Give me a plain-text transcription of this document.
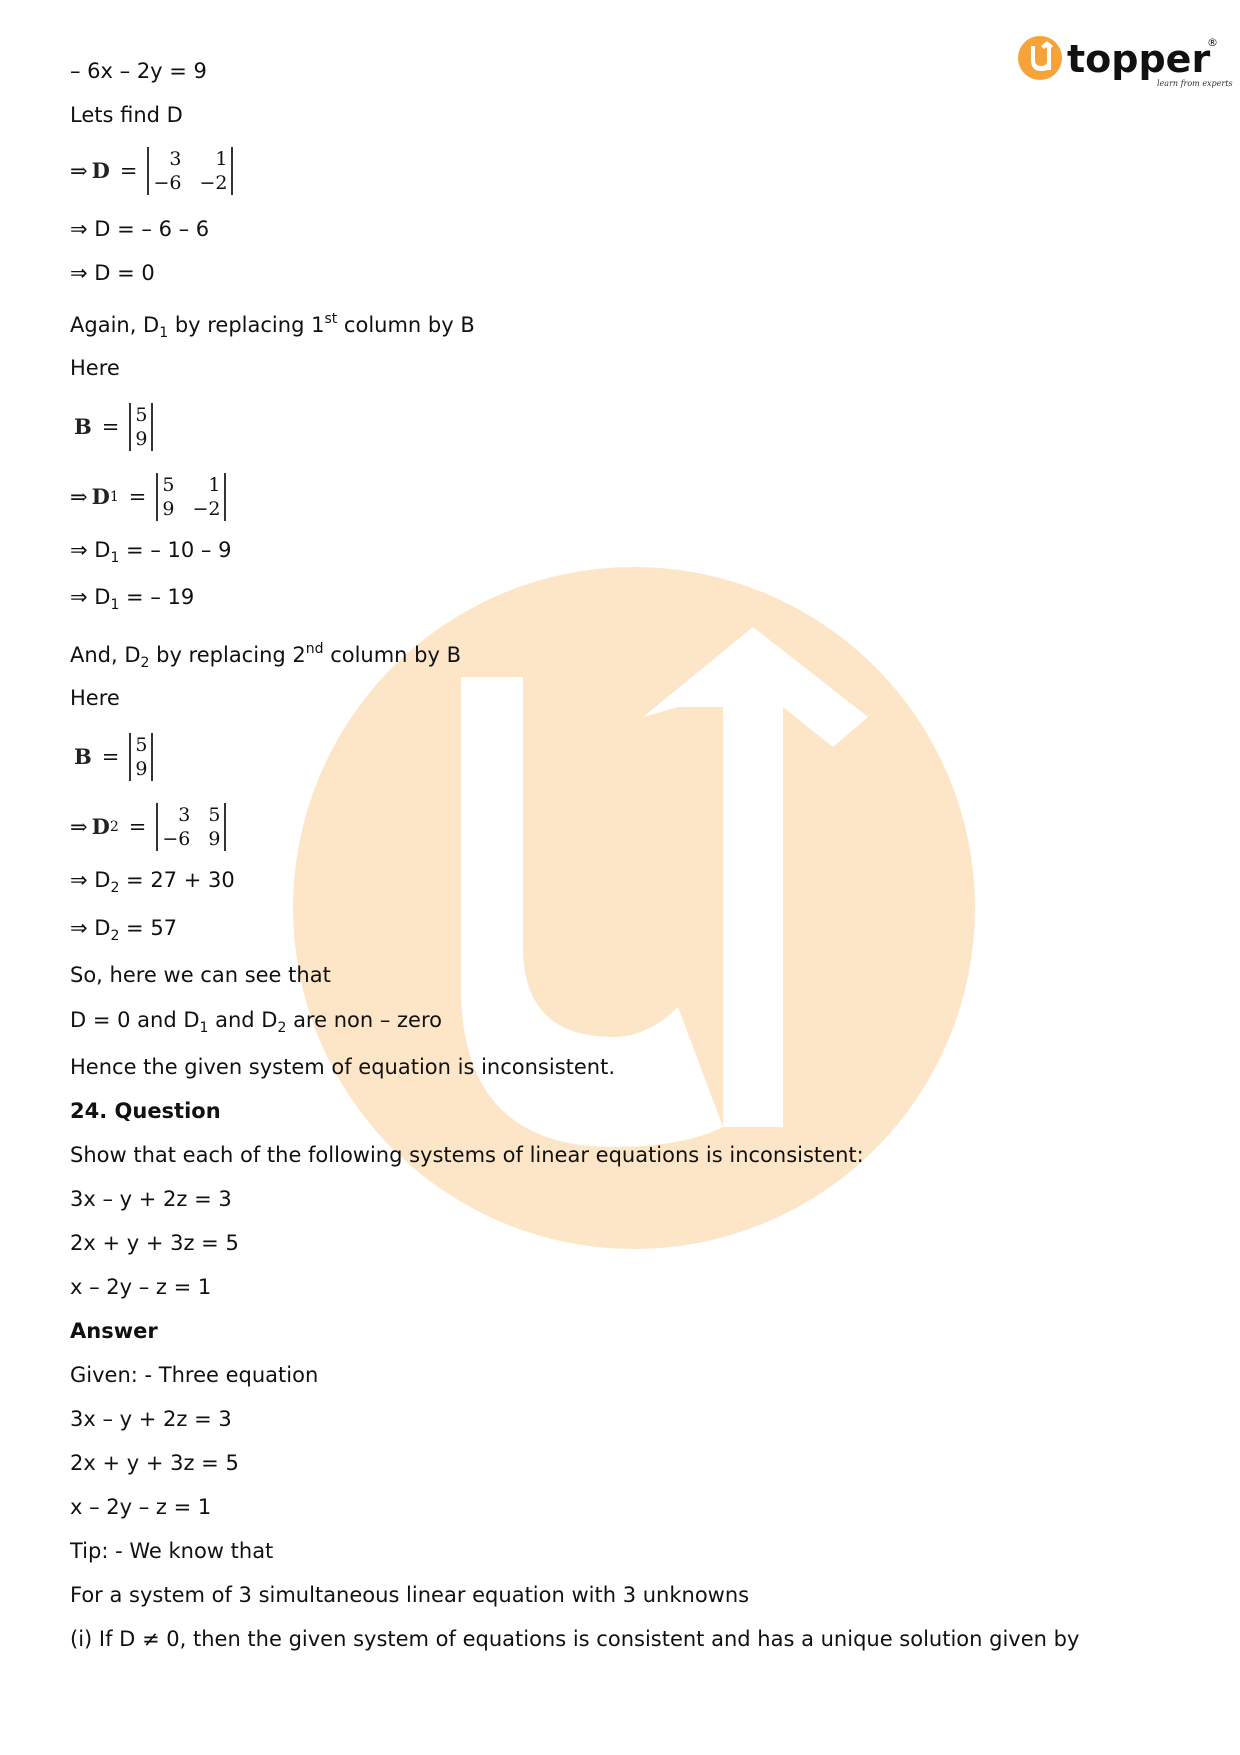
topper
®
learn from experts
– 6x – 2y = 9
Lets find D
⇒ D =	3	1
−6 −2
⇒ D = – 6 – 6
⇒ D = 0
Again, $D_1$ by replacing 1st column by B
Here
B = 5
9
⇒ D 1 = 5	1
9 −2
⇒ $D_1$ = – 10 – 9
⇒ $D_1$ = – 19
And, $D_2$ by replacing 2nd column by B
Here
B = 5
9
⇒ D 2 =	3 5
−6 9
⇒ $D_2 = 27 + 30$
⇒ $D_2 = 57$
So, here we can see that
D = 0 and $D_1$ and $D_2$ are non – zero
Hence the given system of equation is inconsistent.
24. Question
Show that each of the following systems of linear equations is inconsistent:
3x – y + 2z = 3
2x + y + 3z = 5
x – 2y – z = 1
Answer
Given: - Three equation
3x – y + 2z = 3
2x + y + 3z = 5
x – 2y – z = 1
Tip: - We know that
For a system of 3 simultaneous linear equation with 3 unknowns
(i) If D ≠ 0, then the given system of equations is consistent and has a unique solution given by
